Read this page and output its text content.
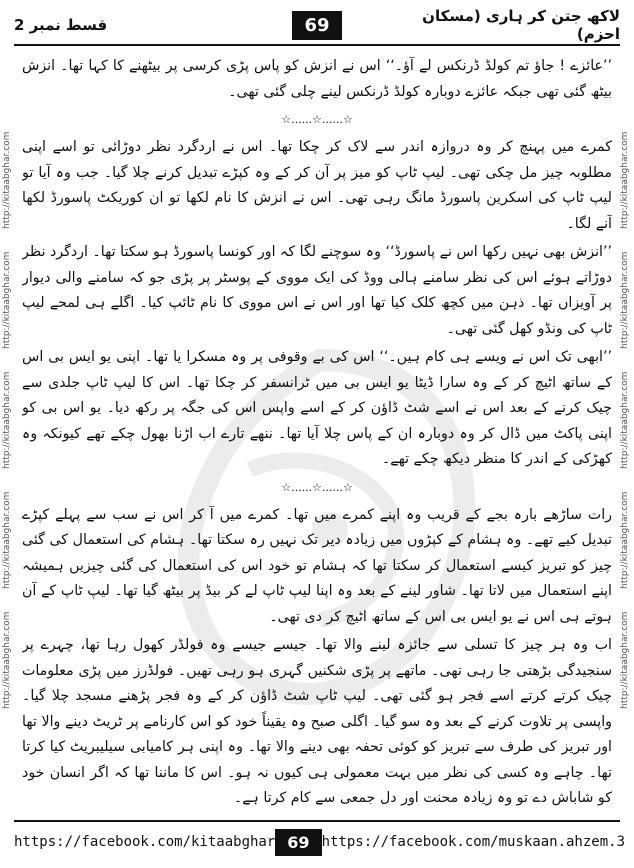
قسط نمبر 2	69	لاکھ جتن کر ہاری (مسکان احزم)
http://kitaabghar.com
http://kitaabghar.com
http://kitaabghar.com
http://kitaabghar.com
http://kitaabghar.com
http://kitaabghar.com
http://kitaabghar.com
http://kitaabghar.com
http://kitaabghar.com
http://kitaabghar.com

’’عائزے ! جاؤ تم کولڈ ڈرنکس لے آؤ۔‘‘ اس نے انزش کو پاس پڑی کرسی پر بیٹھنے کا کہا تھا۔ انزش بیٹھ گئی تھی جبکہ عائزے دوبارہ کولڈ ڈرنکس لینے چلی گئی تھی۔

☆......☆......☆

کمرے میں پہنچ کر وہ دروازہ اندر سے لاک کر چکا تھا۔ اس نے اردگرد نظر دوڑائی تو اسے اپنی مطلوبہ چیز مل چکی تھی۔ لیپ ٹاپ کو میز پر آن کر کے وہ کپڑے تبدیل کرنے چلا گیا۔ جب وہ آیا تو لیپ ٹاپ کی اسکرین پاسورڈ مانگ رہی تھی۔ اس نے انزش کا نام لکھا تو ان کوریکٹ پاسورڈ لکھا آنے لگا۔

’’انزش بھی نہیں رکھا اس نے پاسورڈ‘‘ وہ سوچنے لگا کہ اور کونسا پاسورڈ ہو سکتا تھا۔ اردگرد نظر دوڑاتے ہوئے اس کی نظر سامنے ہالی ووڈ کی ایک مووی کے پوسٹر پر پڑی جو کہ سامنے والی دیوار پر آویزاں تھا۔ ذہن میں کچھ کلک کیا تھا اور اس نے اس مووی کا نام ٹائپ کیا۔ اگلے ہی لمحے لیپ ٹاپ کی ونڈو کھل گئی تھی۔

’’ابھی تک اس نے ویسے ہی کام ہیں۔‘‘ اس کی بے وقوفی پر وہ مسکرا یا تھا۔ اپنی یو ایس بی اس کے ساتھ اٹیچ کر کے وہ سارا ڈیٹا یو ایس بی میں ٹرانسفر کر چکا تھا۔ اس کا لیپ ٹاپ جلدی سے چیک کرنے کے بعد اس نے اسے شٹ ڈاؤن کر کے اسے واپس اس کی جگہ پر رکھ دیا۔ یو اس بی کو اپنی پاکٹ میں ڈال کر وہ دوبارہ ان کے پاس چلا آیا تھا۔ ننھے تارے اب اڑنا بھول چکے تھے کیونکہ وہ کھڑکی کے اندر کا منظر دیکھ چکے تھے۔

☆......☆......☆

رات ساڑھے بارہ بجے کے قریب وہ اپنے کمرے میں تھا۔ کمرے میں آ کر اس نے سب سے پہلے کپڑے تبدیل کیے تھے۔ وہ ہشام کے کپڑوں میں زیادہ دیر تک نہیں رہ سکتا تھا۔ ہشام کی استعمال کی گئی چیز کو تبریز کیسے استعمال کر سکتا تھا کہ ہشام تو خود اس کی استعمال کی گئی چیزیں ہمیشہ اپنے استعمال میں لاتا تھا۔ شاور لینے کے بعد وہ اپنا لیپ ٹاپ لے کر بیڈ پر بیٹھ گیا تھا۔ لیپ ٹاپ کے آن ہوتے ہی اس نے یو ایس بی اس کے ساتھ اٹیچ کر دی تھی۔

اب وہ ہر چیز کا تسلی سے جائزہ لینے والا تھا۔ جیسے جیسے وہ فولڈر کھول رہا تھا، چہرے پر سنجیدگی بڑھتی جا رہی تھی۔ ماتھے پر پڑی شکنیں گہری ہو رہی تھیں۔ فولڈرز میں پڑی معلومات چیک کرتے کرتے اسے فجر ہو گئی تھی۔ لیپ ٹاپ شٹ ڈاؤن کر کے وہ فجر پڑھنے مسجد چلا گیا۔ واپسی پر تلاوت کرنے کے بعد وہ سو گیا۔ اگلی صبح وہ یقیناً خود کو اس کارنامے پر ٹریٹ دینے والا تھا اور تبریز کی طرف سے تبریز کو کوئی تحفہ بھی دینے والا تھا۔ وہ اپنی ہر کامیابی سیلیبریٹ کیا کرتا تھا۔ چاہے وہ کسی کی نظر میں بہت معمولی ہی کیوں نہ ہو۔ اس کا ماننا تھا کہ اگر انسان خود کو شاباش دے تو وہ زیادہ محنت اور دل جمعی سے کام کرتا ہے۔

https://facebook.com/kitaabghar 69 https://facebook.com/muskaan.ahzem.3
